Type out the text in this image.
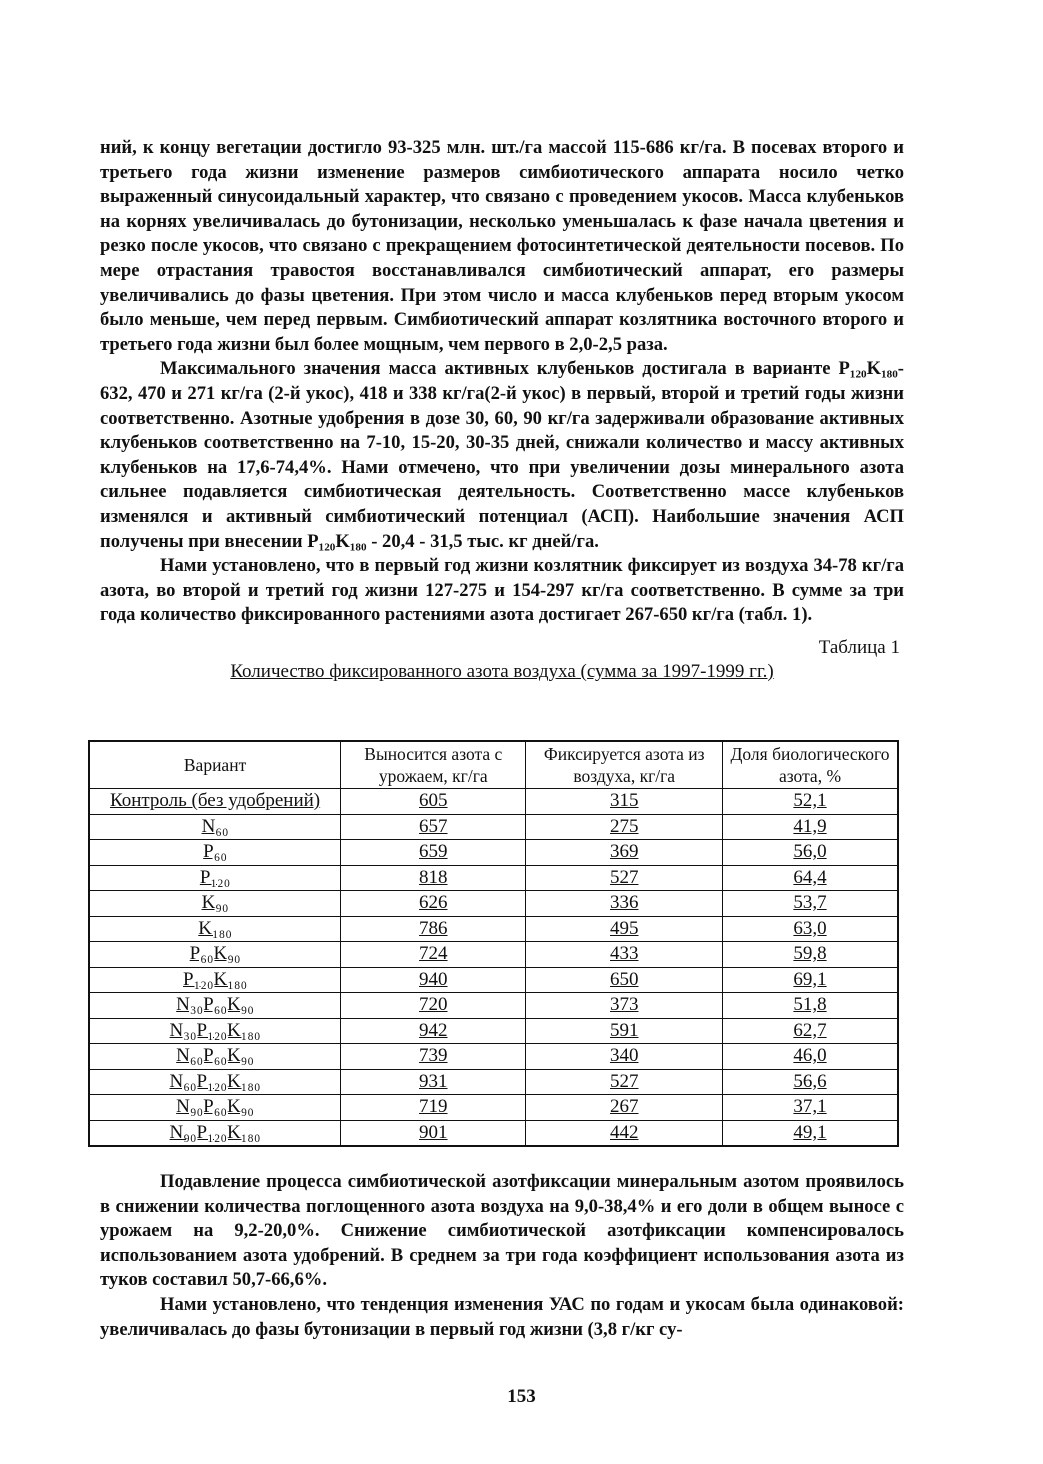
ний, к концу вегетации достигло 93-325 млн. шт./га массой 115-686 кг/га. В посевах второго и третьего года жизни изменение размеров симбиотического аппарата носило четко выраженный синусоидальный характер, что связано с проведением укосов. Масса клубеньков на корнях увеличивалась до бутонизации, несколько уменьшалась к фазе начала цветения и резко после укосов, что связано с прекращением фотосинтетической деятельности посевов. По мере отрастания травостоя восстанавливался симбиотический аппарат, его размеры увеличивались до фазы цветения. При этом число и масса клубеньков перед вторым укосом было меньше, чем перед первым. Симбиотический аппарат козлятника восточного второго и третьего года жизни был более мощным, чем первого в 2,0-2,5 раза.

Максимального значения масса активных клубеньков достигала в варианте P₁₂₀K₁₈₀- 632, 470 и 271 кг/га (2-й укос), 418 и 338 кг/га(2-й укос) в первый, второй и третий годы жизни соответственно. Азотные удобрения в дозе 30, 60, 90 кг/га задерживали образование активных клубеньков соответственно на 7-10, 15-20, 30-35 дней, снижали количество и массу активных клубеньков на 17,6-74,4%. Нами отмечено, что при увеличении дозы минерального азота сильнее подавляется симбиотическая деятельность. Соответственно массе клубеньков изменялся и активный симбиотический потенциал (АСП). Наибольшие значения АСП получены при внесении P₁₂₀K₁₈₀ - 20,4 - 31,5 тыс. кг дней/га.

Нами установлено, что в первый год жизни козлятник фиксирует из воздуха 34-78 кг/га азота, во второй и третий год жизни 127-275 и 154-297 кг/га соответственно. В сумме за три года количество фиксированного растениями азота достигает 267-650 кг/га (табл. 1).

Таблица 1
Количество фиксированного азота воздуха (сумма за 1997-1999 гг.)
Вариант	Выносится азота с урожаем, кг/га	Фиксируется азота из воздуха, кг/га	Доля биологического азота, %
Контроль (без удобрений)	605	315	52,1
N₆₀	657	275	41,9
P₆₀	659	369	56,0
P₁₂₀	818	527	64,4
K₉₀	626	336	53,7
K₁₈₀	786	495	63,0
P₆₀K₉₀	724	433	59,8
P₁₂₀K₁₈₀	940	650	69,1
N₃₀P₆₀K₉₀	720	373	51,8
N₃₀P₁₂₀K₁₈₀	942	591	62,7
N₆₀P₆₀K₉₀	739	340	46,0
N₆₀P₁₂₀K₁₈₀	931	527	56,6
N₉₀P₆₀K₉₀	719	267	37,1
N₉₀P₁₂₀K₁₈₀	901	442	49,1

Подавление процесса симбиотической азотфиксации минеральным азотом проявилось в снижении количества поглощенного азота воздуха на 9,0-38,4% и его доли в общем выносе с урожаем на 9,2-20,0%. Снижение симбиотической азотфиксации компенсировалось использованием азота удобрений. В среднем за три года коэффициент использования азота из туков составил 50,7-66,6%.

Нами установлено, что тенденция изменения УАС по годам и укосам была одинаковой: увеличивалась до фазы бутонизации в первый год жизни (3,8 г/кг су-

153
